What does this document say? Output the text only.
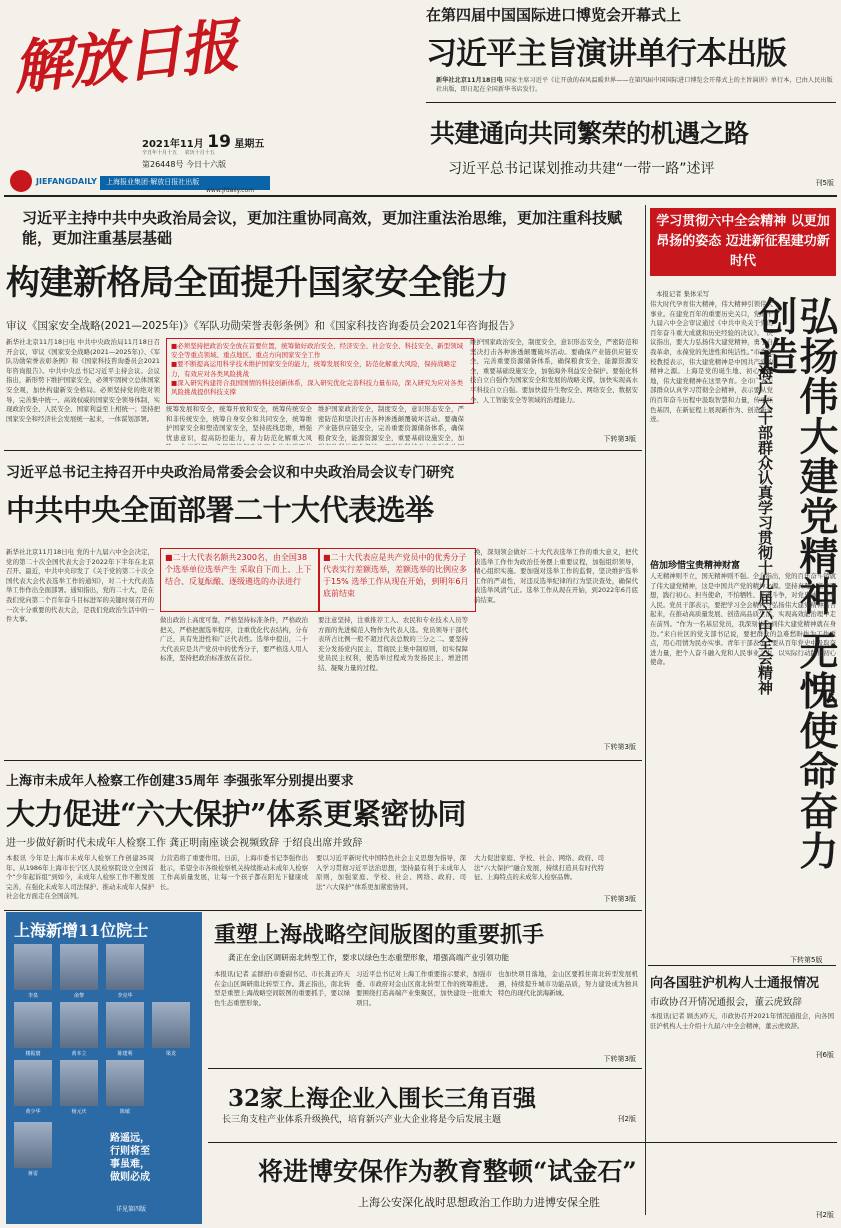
解放日报
2021年11月 19 星期五
辛丑年十月十五 农历十月十五
第26448号 今日十六版
JIEFANGDAILY 上海报业集团·解放日报社出版
www.jfdaily.com
在第四届中国国际进口博览会开幕式上
习近平主旨演讲单行本出版
新华社北京11月18日电 国家主席习近平《让开放的春风温暖世界——在第四届中国国际进口博览会开幕式上的主旨演讲》单行本，已由人民出版社出版，即日起在全国新华书店发行。
共建通向共同繁荣的机遇之路
习近平总书记谋划推动共建“一带一路”述评
刊5版
习近平主持中共中央政治局会议，更加注重协同高效，更加注重法治思维，更加注重科技赋能，更加注重基层基础
构建新格局全面提升国家安全能力
审议《国家安全战略(2021—2025年)》《军队功勋荣誉表彰条例》和《国家科技咨询委员会2021年咨询报告》
新华社北京11月18日电 中共中央政治局11月18日召开会议，审议《国家安全战略(2021—2025年)》、《军队功勋荣誉表彰条例》和《国家科技咨询委员会2021年咨询报告》。中共中央总书记习近平主持会议。会议指出，新形势下维护国家安全，必须牢固树立总体国家安全观，加快构建新安全格局。必须坚持党的绝对领导，完善集中统一、高效权威的国家安全领导体制，实现政治安全、人民安全、国家利益至上相统一；坚持把国家安全和经济社会发展统一起来，一体谋划部署。
■必须坚持把政治安全放在首要位置，统筹做好政治安全、经济安全、社会安全、科技安全、新型领域安全等重点领域、重点地区、重点方向国家安全工作
■要不断提高运用科学技术维护国家安全的能力，统筹发展和安全，防范化解重大风险，保持战略定力，有效应对各类风险挑战
■深入研究构建符合我国国情的科技创新体系，深入研究优化完善科技力量布局，深入研究为应对各类风险挑战提供科技支撑
统筹发展和安全，统筹开放和安全，统筹传统安全和非传统安全，统筹自身安全和共同安全，统筹维护国家安全和塑造国家安全，坚持底线思维，增强忧患意识，提高防控能力，着力防范化解重大风
维护国家政治安全，制度安全，意识形态安全，严密防范和坚决打击各种渗透颠覆破坏活动。要确保产业链供应链安全，完善重要资源储备体系，确保粮食安全，能源资源安全，重要基础设施安全，加
维护国家政治安全，制度安全，意识形态安全，严密防范和坚决打击各种渗透颠覆破坏活动。要确保产业链供应链安全，完善重要资源储备体系，确保粮食安全，能源资源安全，重要基础设施安全，加强海外利益安全保护。要强化科技自立自强作为国家安全和发展的战略支撑，加快实现高水平科技自立自强。要加快提升生物安全、网络安全、数据安全、人工智能安全等领域的治理能力。
下转第3版
学习贯彻六中全会精神 以更加昂扬的姿态 迈进新征程建功新时代
本报记者 集体采写
伟大时代孕育伟大精神，伟大精神引领伟大事业。在建党百年的重要历史关口，党的十九届六中全会审议通过《中共中央关于党的百年奋斗重大成就和历史经验的决议》。“决议指出，要大力弘扬伟大建党精神，勇于自我革命，永葆党的先进性和纯洁性。”市委党校教授表示，伟大建党精神是中国共产党的精神之源。上海是党的诞生地、初心始发地，伟大建党精神在这里孕育。全市广大干部群众认真学习贯彻全会精神，表示要从党的百年奋斗历程中汲取智慧和力量，传承红色基因，在新征程上展现新作为、创造新奇迹。	弘扬伟大建党精神 无愧使命奋力创造
上海广大干部群众认真学习贯彻十九届六中全会精神
倍加珍惜宝贵精神财富
人无精神则不立，国无精神则不强。全会指出，党的百年奋斗铸就了伟大建党精神，这是中国共产党的精神之源。坚持真理、坚守理想，践行初心、担当使命，不怕牺牲、英勇斗争，对党忠诚、不负人民。党员干部表示，要把学习全会精神与弘扬伟大建党精神结合起来，在推动高质量发展、创造高品质生活、实现高效能治理中走在前列。“作为一名基层党员，我深刻体会到伟大建党精神就在身边。”来自社区的党支部书记说，要把群众的急难愁盼作为工作重点，用心用情为民办实事。青年干部表示，要从百年党史中汲取奋进力量，把个人奋斗融入党和人民事业之中，以实际行动践行初心使命。
下转第5版
向各国驻沪机构人士通报情况
市政协召开情况通报会，董云虎致辞
本报讯(记者 顾杰)昨天，市政协召开2021年情况通报会，向各国驻沪机构人士介绍十九届六中全会精神，董云虎致辞。
刊6版
习近平总书记主持召开中央政治局常委会会议和中央政治局会议专门研究
中共中央全面部署二十大代表选举
新华社北京11月18日电 党的十九届六中全会决定，党的第二十次全国代表大会于2022年下半年在北京召开。最近，中共中央印发了《关于党的第二十次全国代表大会代表选举工作的通知》，对二十大代表选举工作作出全面部署。通知指出，党的二十大，是在我们党向第二个百年奋斗目标进军的关键时刻召开的一次十分重要的代表大会，是我们党政治生活中的一件大事。
■二十大代表名额共2300名，由全国38个选举单位选举产生 采取自下而上、上下结合、反复酝酿、逐级遴选的办法进行
■二十大代表应是共产党员中的优秀分子 代表实行差额选举，差额选举的比例应多于15% 选举工作从现在开始，到明年6月底前结束
做出政治上高度可靠，严格坚持标准条件，严格政治把关，严格把握选举程序，注重优化代表结构，分布广泛，具有先进性和广泛代表性。选举中提出，二十大代表应是共产党员中的优秀分子，要严格选人用人标准，坚持把政治标准放在首位。
要注意坚持，注重推荐工人、农民和专业技术人员等方面的先进模范人物作为代表人选。党员领导干部代表所占比例一般不超过代表总数的三分之二。要坚持充分发扬党内民主，贯彻民主集中制原则，切实保障党员民主权利，使选举过程成为发扬民主、增进团结、凝聚力量的过程。
换，深刻领会做好二十大代表选举工作的重大意义，把代表选举工作作为政治任务摆上重要议程，加强组织领导，精心组织实施。要加强对选举工作的监督，坚决维护选举工作的严肃性，对违反选举纪律的行为坚决查处，确保代表选举风清气正。选举工作从现在开始，到2022年6月底前结束。
下转第3版
上海市未成年人检察工作创建35周年 李强张军分别提出要求
大力促进“六大保护”体系更紧密协同
进一步做好新时代未成年人检察工作 龚正明南座谈会视频致辞 于绍良出席并致辞
本报讯 今年是上海市未成年人检察工作创建35周年。从1986年上海市长宁区人民检察院设立全国首个“少年起诉组”到如今，未成年人检察工作不断发展完善，在强化未成年人司法保护、推动未成年人保护社会化方面走在全国前列。
力营造将了重要作用。日前，上海市委书记李强作出批示，希望全市各级检察机关持续推动未成年人检察工作高质量发展，让每一个孩子都在阳光下健康成长。
要以习近平新时代中国特色社会主义思想为指导，深入学习贯彻习近平法治思想，坚持最有利于未成年人原则，加强家庭、学校、社会、网络、政府、司法“六大保护”体系更加紧密协同。
大力促进家庭、学校、社会、网络、政府、司法“六大保护”融合发展，持续打造具有时代特征、上海特点的未成年人检察品牌。
下转第3版
上海新增11位院士
李泉	俞黎	李克华
楼振寰	黄本立	陈建利	梁龙
黄少华	杨元庆	陈敏
蒋雷
路遥远，
行则将至
事虽难，
做则必成
详见第四版
重塑上海战略空间版图的重要抓手
龚正在金山区调研南北转型工作，要求以绿色生态重塑形象，增强高端产业引领功能
本报讯(记者 孟群舒)市委副书记、市长龚正昨天在金山区调研南北转型工作。龚正指出，南北转型是重塑上海战略空间版图的重要抓手，要以绿色生态重塑形象。
习近平总书记对上海工作重要指示要求，加强市委、市政府对金山区南北转型工作的统筹推进。要围绕打造高端产业集聚区，加快建设一批重大项目。
也加快项目落地，金山区要抓住南北转型发展机遇，持续提升城市功能品质，努力建设成为独具特色的现代化滨海新城。
下转第3版
32家上海企业入围长三角百强
长三角支柱产业体系升级换代，培育新兴产业大企业将是今后发展主题	刊2版
将进博安保作为教育整顿“试金石”
上海公安深化战时思想政治工作助力进博安保全胜
刊2版
